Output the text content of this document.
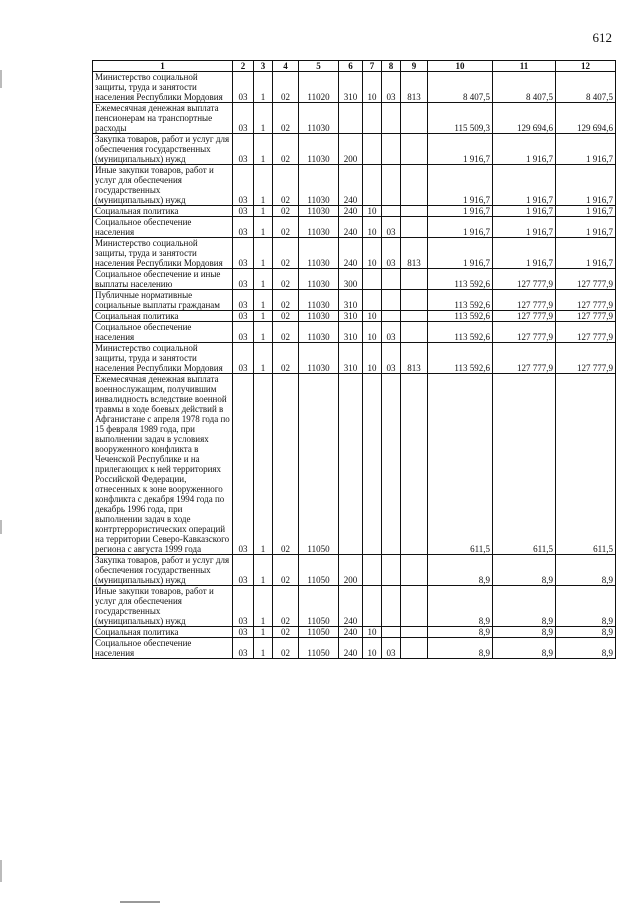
612
1	2	3	4	5	6	7	8	9	10	11	12
Министерство социальной защиты, труда и занятости населения Республики Мордовия	03	1	02	11020	310	10	03	813	8 407,5	8 407,5	8 407,5
Ежемесячная денежная выплата пенсионерам на транспортные расходы	03	1	02	11030					115 509,3	129 694,6	129 694,6
Закупка товаров, работ и услуг для обеспечения государственных (муниципальных) нужд	03	1	02	11030	200				1 916,7	1 916,7	1 916,7
Иные закупки товаров, работ и услуг для обеспечения государственных (муниципальных) нужд	03	1	02	11030	240				1 916,7	1 916,7	1 916,7
Социальная политика	03	1	02	11030	240	10			1 916,7	1 916,7	1 916,7
Социальное обеспечение населения	03	1	02	11030	240	10	03		1 916,7	1 916,7	1 916,7
Министерство социальной защиты, труда и занятости населения Республики Мордовия	03	1	02	11030	240	10	03	813	1 916,7	1 916,7	1 916,7
Социальное обеспечение и иные выплаты населению	03	1	02	11030	300				113 592,6	127 777,9	127 777,9
Публичные нормативные социальные выплаты гражданам	03	1	02	11030	310				113 592,6	127 777,9	127 777,9
Социальная политика	03	1	02	11030	310	10			113 592,6	127 777,9	127 777,9
Социальное обеспечение населения	03	1	02	11030	310	10	03		113 592,6	127 777,9	127 777,9
Министерство социальной защиты, труда и занятости населения Республики Мордовия	03	1	02	11030	310	10	03	813	113 592,6	127 777,9	127 777,9
Ежемесячная денежная выплата военнослужащим, получившим инвалидность вследствие военной травмы в ходе боевых действий в Афганистане с апреля 1978 года по 15 февраля 1989 года, при выполнении задач в условиях вооруженного конфликта в Чеченской Республике и на прилегающих к ней территориях Российской Федерации, отнесенных к зоне вооруженного конфликта с декабря 1994 года по декабрь 1996 года, при выполнении задач в ходе контртеррористических операций на территории Северо-Кавказского региона с августа 1999 года	03	1	02	11050					611,5	611,5	611,5
Закупка товаров, работ и услуг для обеспечения государственных (муниципальных) нужд	03	1	02	11050	200				8,9	8,9	8,9
Иные закупки товаров, работ и услуг для обеспечения государственных (муниципальных) нужд	03	1	02	11050	240				8,9	8,9	8,9
Социальная политика	03	1	02	11050	240	10			8,9	8,9	8,9
Социальное обеспечение населения	03	1	02	11050	240	10	03		8,9	8,9	8,9
